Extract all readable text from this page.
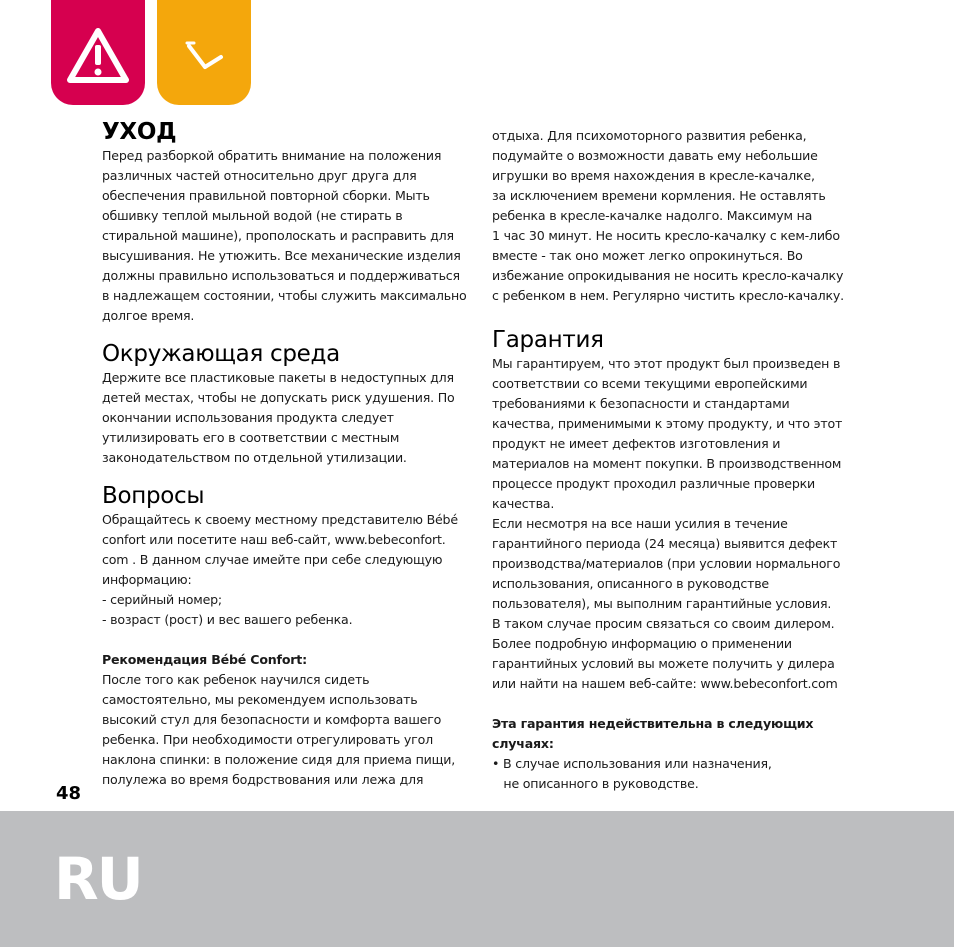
УХОД
Перед разборкой обратить внимание на положения
различных частей относительно друг друга для
обеспечения правильной повторной сборки. Мыть
обшивку теплой мыльной водой (не стирать в
стиральной машине), прополоскать и расправить для
высушивания. Не утюжить. Все механические изделия
должны правильно использоваться и поддерживаться
в надлежащем состоянии, чтобы служить максимально
долгое время.
Окружающая среда
Держите все пластиковые пакеты в недоступных для
детей местах, чтобы не допускать риск удушения. По
окончании использования продукта следует
утилизировать его в соответствии с местным
законодательством по отдельной утилизации.
Вопросы
Обращайтесь к своему местному представителю Bébé
confort или посетите наш веб-сайт, www.bebeconfort.
com . В данном случае имейте при себе следующую
информацию:
- серийный номер;
- возраст (рост) и вес вашего ребенка.
Рекомендация Bébé Confort:
После того как ребенок научился сидеть
самостоятельно, мы рекомендуем использовать
высокий стул для безопасности и комфорта вашего
ребенка. При необходимости отрегулировать угол
наклона спинки: в положение сидя для приема пищи,
полулежа во время бодрствования или лежа для
отдыха. Для психомоторного развития ребенка,
подумайте о возможности давать ему небольшие
игрушки во время нахождения в кресле-качалке,
за исключением времени кормления. Не оставлять
ребенка в кресле-качалке надолго. Максимум на
1 час 30 минут. Не носить кресло-качалку с кем-либо
вместе - так оно может легко опрокинуться. Во
избежание опрокидывания не носить кресло-качалку
с ребенком в нем. Регулярно чистить кресло-качалку.
Гарантия
Мы гарантируем, что этот продукт был произведен в
соответствии со всеми текущими европейскими
требованиями к безопасности и стандартами
качества, применимыми к этому продукту, и что этот
продукт не имеет дефектов изготовления и
материалов на момент покупки. В производственном
процессе продукт проходил различные проверки
качества.
Если несмотря на все наши усилия в течение
гарантийного периода (24 месяца) выявится дефект
производства/материалов (при условии нормального
использования, описанного в руководстве
пользователя), мы выполним гарантийные условия.
В таком случае просим связаться со своим дилером.
Более подробную информацию о применении
гарантийных условий вы можете получить у дилера
или найти на нашем веб-сайте: www.bebeconfort.com
Эта гарантия недействительна в следующих
случаях:
• В случае использования или назначения,
не описанного в руководстве.
48
RU
